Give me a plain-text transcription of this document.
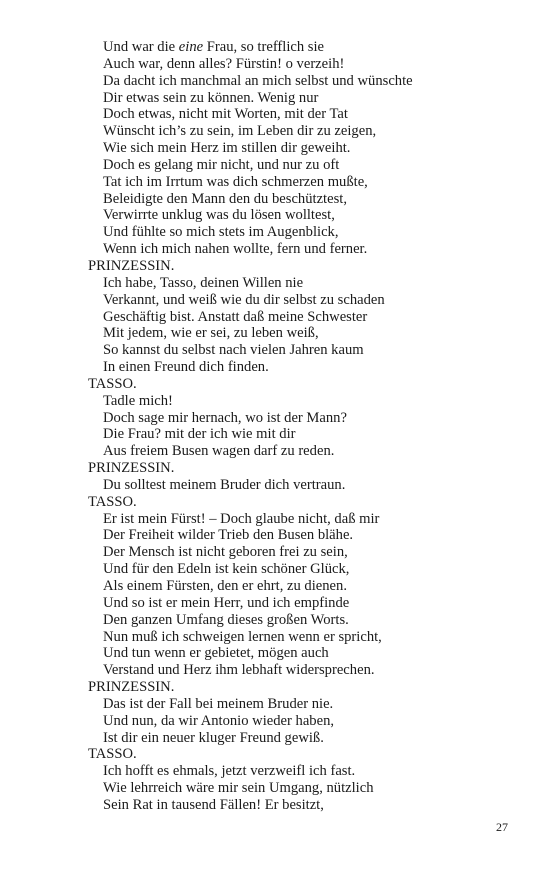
Und war die eine Frau, so trefflich sie
Auch war, denn alles? Fürstin! o verzeih!
Da dacht ich manchmal an mich selbst und wünschte
Dir etwas sein zu können. Wenig nur
Doch etwas, nicht mit Worten, mit der Tat
Wünscht ich’s zu sein, im Leben dir zu zeigen,
Wie sich mein Herz im stillen dir geweiht.
Doch es gelang mir nicht, und nur zu oft
Tat ich im Irrtum was dich schmerzen mußte,
Beleidigte den Mann den du beschütztest,
Verwirrte unklug was du lösen wolltest,
Und fühlte so mich stets im Augenblick,
Wenn ich mich nahen wollte, fern und ferner.
PRINZESSIN.
Ich habe, Tasso, deinen Willen nie
Verkannt, und weiß wie du dir selbst zu schaden
Geschäftig bist. Anstatt daß meine Schwester
Mit jedem, wie er sei, zu leben weiß,
So kannst du selbst nach vielen Jahren kaum
In einen Freund dich finden.
TASSO.
Tadle mich!
Doch sage mir hernach, wo ist der Mann?
Die Frau? mit der ich wie mit dir
Aus freiem Busen wagen darf zu reden.
PRINZESSIN.
Du solltest meinem Bruder dich vertraun.
TASSO.
Er ist mein Fürst! – Doch glaube nicht, daß mir
Der Freiheit wilder Trieb den Busen blähe.
Der Mensch ist nicht geboren frei zu sein,
Und für den Edeln ist kein schöner Glück,
Als einem Fürsten, den er ehrt, zu dienen.
Und so ist er mein Herr, und ich empfinde
Den ganzen Umfang dieses großen Worts.
Nun muß ich schweigen lernen wenn er spricht,
Und tun wenn er gebietet, mögen auch
Verstand und Herz ihm lebhaft widersprechen.
PRINZESSIN.
Das ist der Fall bei meinem Bruder nie.
Und nun, da wir Antonio wieder haben,
Ist dir ein neuer kluger Freund gewiß.
TASSO.
Ich hofft es ehmals, jetzt verzweifl ich fast.
Wie lehrreich wäre mir sein Umgang, nützlich
Sein Rat in tausend Fällen! Er besitzt,
27
